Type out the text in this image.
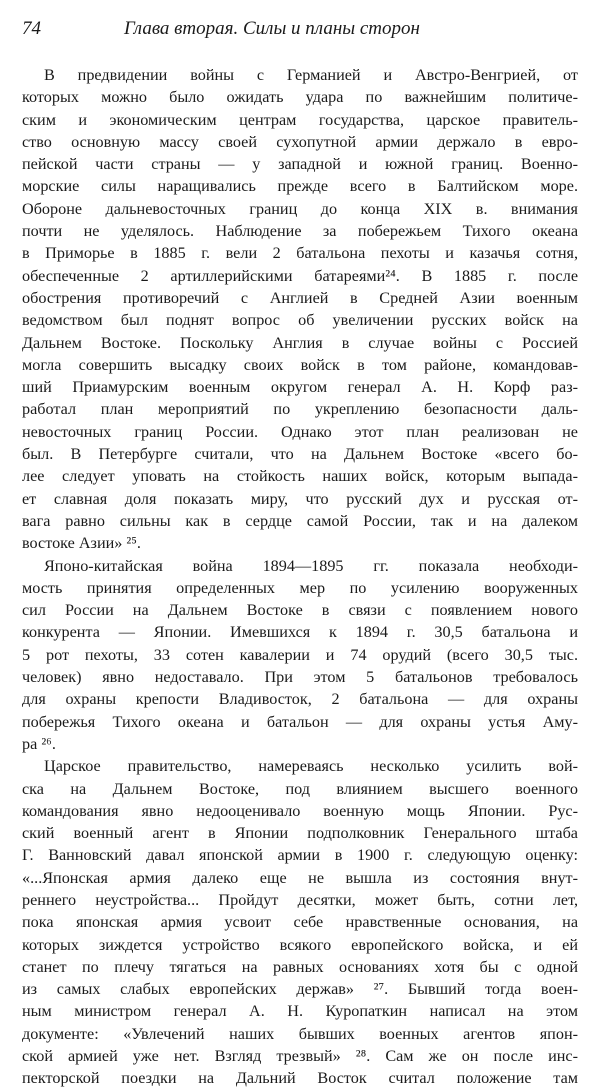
74	Глава вторая. Силы и планы сторон

В предвидении войны с Германией и Австро-Венгрией, от
которых можно было ожидать удара по важнейшим политиче-
ским и экономическим центрам государства, царское правитель-
ство основную массу своей сухопутной армии держало в евро-
пейской части страны — у западной и южной границ. Военно-
морские силы наращивались прежде всего в Балтийском море.
Обороне дальневосточных границ до конца XIX в. внимания
почти не уделялось. Наблюдение за побережьем Тихого океана
в Приморье в 1885 г. вели 2 батальона пехоты и казачья сотня,
обеспеченные 2 артиллерийскими батареями²⁴. В 1885 г. после
обострения противоречий с Англией в Средней Азии военным
ведомством был поднят вопрос об увеличении русских войск на
Дальнем Востоке. Поскольку Англия в случае войны с Россией
могла совершить высадку своих войск в том районе, командовав-
ший Приамурским военным округом генерал А. Н. Корф раз-
работал план мероприятий по укреплению безопасности даль-
невосточных границ России. Однако этот план реализован не
был. В Петербурге считали, что на Дальнем Востоке «всего бо-
лее следует уповать на стойкость наших войск, которым выпада-
ет славная доля показать миру, что русский дух и русская от-
вага равно сильны как в сердце самой России, так и на далеком
востоке Азии» ²⁵.

Японо-китайская война 1894—1895 гг. показала необходи-
мость принятия определенных мер по усилению вооруженных
сил России на Дальнем Востоке в связи с появлением нового
конкурента — Японии. Имевшихся к 1894 г. 30,5 батальона и
5 рот пехоты, 33 сотен кавалерии и 74 орудий (всего 30,5 тыс.
человек) явно недоставало. При этом 5 батальонов требовалось
для охраны крепости Владивосток, 2 батальона — для охраны
побережья Тихого океана и батальон — для охраны устья Аму-
ра ²⁶.

Царское правительство, намереваясь несколько усилить вой-
ска на Дальнем Востоке, под влиянием высшего военного
командования явно недооценивало военную мощь Японии. Рус-
ский военный агент в Японии подполковник Генерального штаба
Г. Ванновский давал японской армии в 1900 г. следующую оценку:
«...Японская армия далеко еще не вышла из состояния внут-
реннего неустройства... Пройдут десятки, может быть, сотни лет,
пока японская армия усвоит себе нравственные основания, на
которых зиждется устройство всякого европейского войска, и ей
станет по плечу тягаться на равных основаниях хотя бы с одной
из самых слабых европейских держав» ²⁷. Бывший тогда воен-
ным министром генерал А. Н. Куропаткин написал на этом
документе: «Увлечений наших бывших военных агентов япон-
ской армией уже нет. Взгляд трезвый» ²⁸. Сам же он после инс-
пекторской поездки на Дальний Восток считал положение там
